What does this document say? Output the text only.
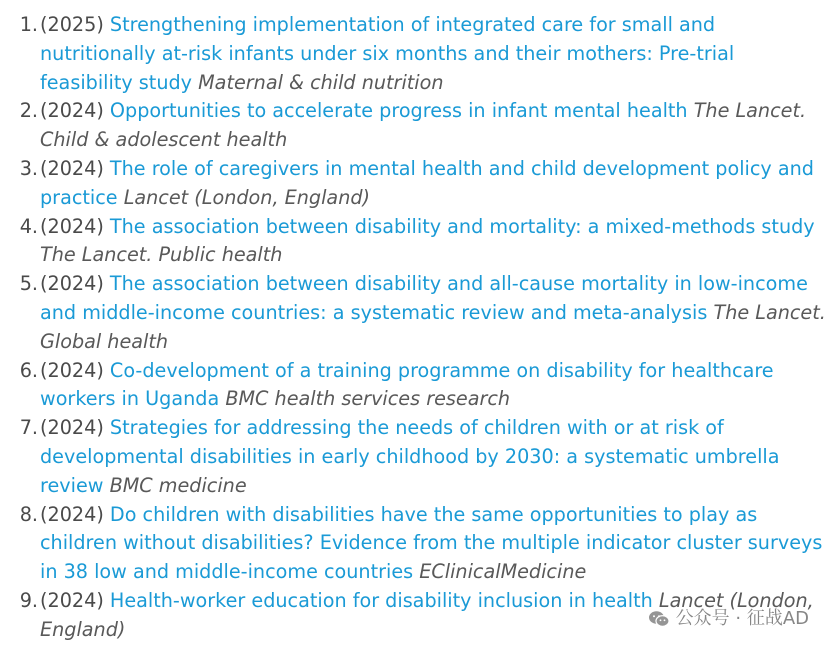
1. (2025) Strengthening implementation of integrated care for small and nutritionally at-risk infants under six months and their mothers: Pre-trial feasibility study Maternal & child nutrition
2. (2024) Opportunities to accelerate progress in infant mental health The Lancet. Child & adolescent health
3. (2024) The role of caregivers in mental health and child development policy and practice Lancet (London, England)
4. (2024) The association between disability and mortality: a mixed-methods study The Lancet. Public health
5. (2024) The association between disability and all-cause mortality in low-income and middle-income countries: a systematic review and meta-analysis The Lancet. Global health
6. (2024) Co-development of a training programme on disability for healthcare workers in Uganda BMC health services research
7. (2024) Strategies for addressing the needs of children with or at risk of developmental disabilities in early childhood by 2030: a systematic umbrella review BMC medicine
8. (2024) Do children with disabilities have the same opportunities to play as children without disabilities? Evidence from the multiple indicator cluster surveys in 38 low and middle-income countries EClinicalMedicine
9. (2024) Health-worker education for disability inclusion in health Lancet (London, England)	公众号 · 征战AD
